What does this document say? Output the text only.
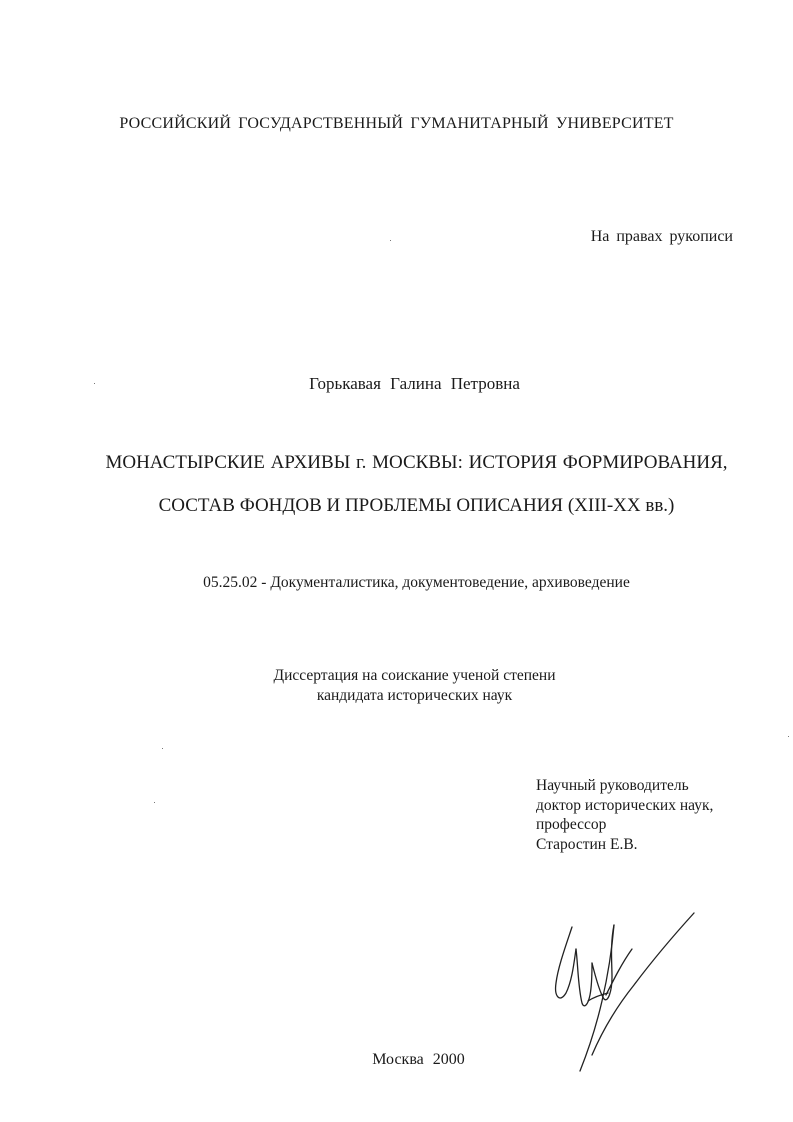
РОССИЙСКИЙ ГОСУДАРСТВЕННЫЙ ГУМАНИТАРНЫЙ УНИВЕРСИТЕТ
На правах рукописи
Горькавая Галина Петровна
МОНАСТЫРСКИЕ АРХИВЫ г. МОСКВЫ: ИСТОРИЯ ФОРМИРОВАНИЯ,
СОСТАВ ФОНДОВ И ПРОБЛЕМЫ ОПИСАНИЯ (XIII-XX вв.)
05.25.02 - Документалистика, документоведение, архивоведение
Диссертация на соискание ученой степени
кандидата исторических наук
Научный руководитель
доктор исторических наук,
профессор
Старостин Е.В.
Москва 2000
